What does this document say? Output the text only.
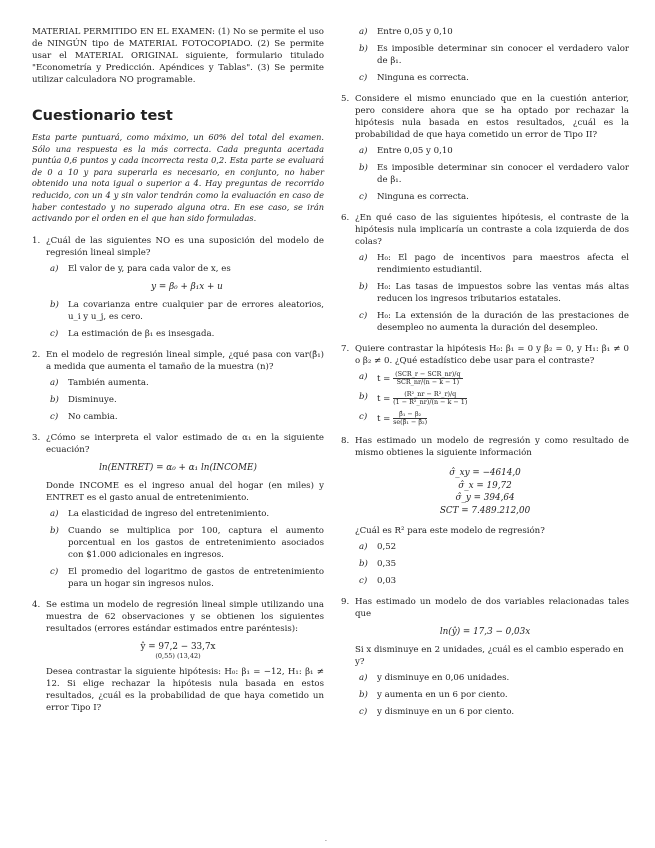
MATERIAL PERMITIDO EN EL EXAMEN: (1) No se permite el uso de NINGÚN tipo de MATERIAL FOTOCOPIADO. (2) Se permite usar el MATERIAL ORIGINAL siguiente, formulario titulado "Econometría y Predicción. Apéndices y Tablas". (3) Se permite utilizar calculadora NO programable.

Cuestionario test

Esta parte puntuará, como máximo, un 60% del total del examen. Sólo una respuesta es la más correcta. Cada pregunta acertada puntúa 0,6 puntos y cada incorrecta resta 0,2. Esta parte se evaluará de 0 a 10 y para superarla es necesario, en conjunto, no haber obtenido una nota igual o superior a 4. Hay preguntas de recorrido reducido, con un 4 y sin valor tendrán como la evaluación en caso de haber contestado y no superado alguna otra. En ese caso, se irán activando por el orden en el que han sido formuladas.

1. ¿Cuál de las siguientes NO es una suposición del modelo de regresión lineal simple?
a)	El valor de y, para cada valor de x, es
y = β₀ + β₁x + u
b)	La covarianza entre cualquier par de errores aleatorios, u_i y u_j, es cero.
c)	La estimación de β₁ es insesgada.
2. En el modelo de regresión lineal simple, ¿qué pasa con var(β̂₁) a medida que aumenta el tamaño de la muestra (n)?
a)	También aumenta.
b)	Disminuye.
c)	No cambia.
3. ¿Cómo se interpreta el valor estimado de α₁ en la siguiente ecuación?
ln(ENTRET) = α₀ + α₁ ln(INCOME)

Donde INCOME es el ingreso anual del hogar (en miles) y ENTRET es el gasto anual de entretenimiento.

a)	La elasticidad de ingreso del entretenimiento.
b)	Cuando se multiplica por 100, captura el aumento porcentual en los gastos de entretenimiento asociados con $1.000 adicionales en ingresos.
c)	El promedio del logaritmo de gastos de entretenimiento para un hogar sin ingresos nulos.
4. Se estima un modelo de regresión lineal simple utilizando una muestra de 62 observaciones y se obtienen los siguientes resultados (errores estándar estimados entre paréntesis):
ŷ = 97,2 − 33,7x
(0,55) (13,42)

Desea contrastar la siguiente hipótesis: H₀: β₁ = −12, H₁: β₁ ≠ 12. Si elige rechazar la hipótesis nula basada en estos resultados, ¿cuál es la probabilidad de que haya cometido un error Tipo I?

a)	Entre 0,05 y 0,10
b)	Es imposible determinar sin conocer el verdadero valor de β₁.
c)	Ninguna es correcta.
5. Considere el mismo enunciado que en la cuestión anterior, pero considere ahora que se ha optado por rechazar la hipótesis nula basada en estos resultados, ¿cuál es la probabilidad de que haya cometido un error de Tipo II?
a)	Entre 0,05 y 0,10
b)	Es imposible determinar sin conocer el verdadero valor de β₁.
c)	Ninguna es correcta.
6. ¿En qué caso de las siguientes hipótesis, el contraste de la hipótesis nula implicaría un contraste a cola izquierda de dos colas?
a)	H₀: El pago de incentivos para maestros afecta el rendimiento estudiantil.
b)	H₀: Las tasas de impuestos sobre las ventas más altas reducen los ingresos tributarios estatales.
c)	H₀: La extensión de la duración de las prestaciones de desempleo no aumenta la duración del desempleo.
7. Quiere contrastar la hipótesis H₀: β₁ = 0 y β₂ = 0, y H₁: β₁ ≠ 0 o β₂ ≠ 0. ¿Qué estadístico debe usar para el contraste?
a)	t = (SCR_r − SCR_nr)/q
SCR_nr/(n − k − 1)
b)	$t = \frac{\text{(R²\_nr − R²\_r)/q}}{\text{(1 − R²\_nr)/(n − k − 1)}}$
c)	$t = \frac{\text{β̂₁ − β₂}}{\text{se(β̂₁ − β̂₂)}}$
8. Has estimado un modelo de regresión y como resultado de mismo obtienes la siguiente información
σ̂_xy = −4614,0
σ̂_x = 19,72
σ̂_y = 394,64
SCT = 7.489.212,00

¿Cuál es R² para este modelo de regresión?

a)	0,52
b)	0,35
c)	0,03
9. Has estimado un modelo de dos variables relacionadas tales que
ln(ŷ) = 17,3 − 0,03x

Si x disminuye en 2 unidades, ¿cuál es el cambio esperado en y?

a)	y disminuye en 0,06 unidades.
b)	y aumenta en un 6 por ciento.
c)	y disminuye en un 6 por ciento.
·
